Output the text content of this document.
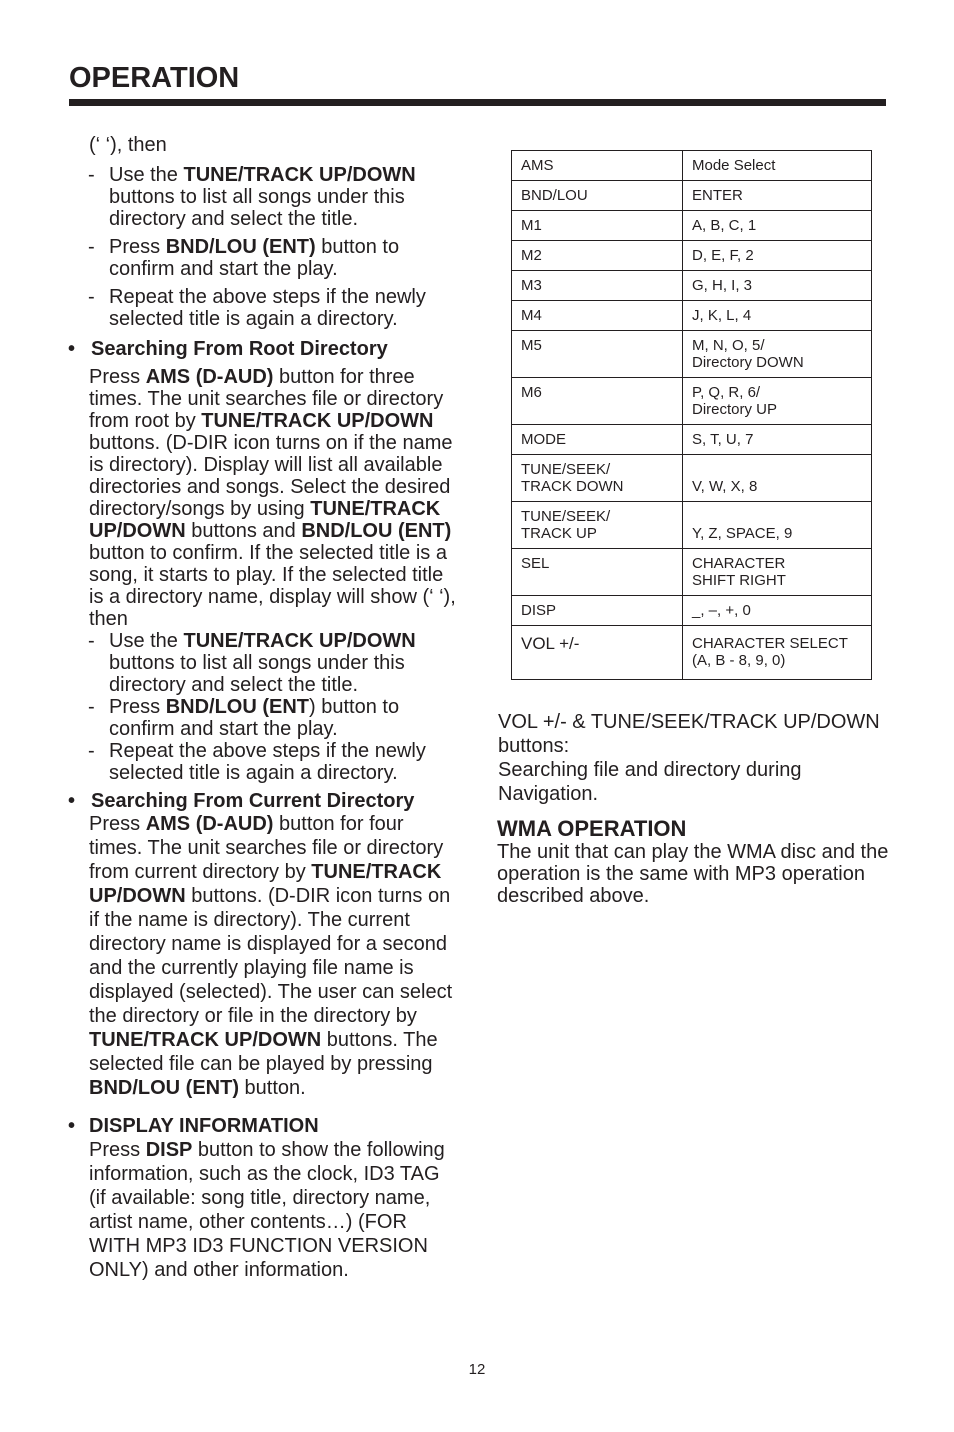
OPERATION
(‘ ‘), then
- Use the TUNE/TRACK UP/DOWN buttons to list all songs under this directory and select the title.
- Press BND/LOU (ENT) button to confirm and start the play.
- Repeat the above steps if the newly selected title is again a directory.
• Searching From Root Directory
Press AMS (D-AUD) button for three times. The unit searches file or directory from root by TUNE/TRACK UP/DOWN buttons. (D-DIR icon turns on if the name is directory). Display will list all available directories and songs. Select the desired directory/songs by using TUNE/TRACK UP/DOWN buttons and BND/LOU (ENT) button to confirm. If the selected title is a song, it starts to play. If the selected title is a directory name, display will show (‘ ‘), then
- Use the TUNE/TRACK UP/DOWN buttons to list all songs under this directory and select the title.
- Press BND/LOU (ENT) button to confirm and start the play.
- Repeat the above steps if the newly selected title is again a directory.
• Searching From Current Directory
Press AMS (D-AUD) button for four times. The unit searches file or directory from current directory by TUNE/TRACK UP/DOWN buttons. (D-DIR icon turns on if the name is directory). The current directory name is displayed for a second and the currently playing file name is displayed (selected). The user can select the directory or file in the directory by TUNE/TRACK UP/DOWN buttons. The selected file can be played by pressing BND/LOU (ENT) button.
• DISPLAY INFORMATION
Press DISP button to show the following information, such as the clock, ID3 TAG (if available: song title, directory name, artist name, other contents…) (FOR WITH MP3 ID3 FUNCTION VERSION ONLY) and other information.
AMS	Mode Select
BND/LOU	ENTER
M1	A, B, C, 1
M2	D, E, F, 2
M3	G, H, I, 3
M4	J, K, L, 4
M5	M, N, O, 5/
Directory DOWN
M6	P, Q, R, 6/
Directory UP
MODE	S, T, U, 7
TUNE/SEEK/
TRACK DOWN	V, W, X, 8
TUNE/SEEK/
TRACK UP	Y, Z, SPACE, 9
SEL	CHARACTER
SHIFT RIGHT
DISP	_, –, +, 0
VOL +/-	CHARACTER SELECT
(A, B - 8, 9, 0)
VOL +/- & TUNE/SEEK/TRACK UP/DOWN buttons:
Searching file and directory during Navigation.
WMA OPERATION
The unit that can play the WMA disc and the operation is the same with MP3 operation described above.
12
